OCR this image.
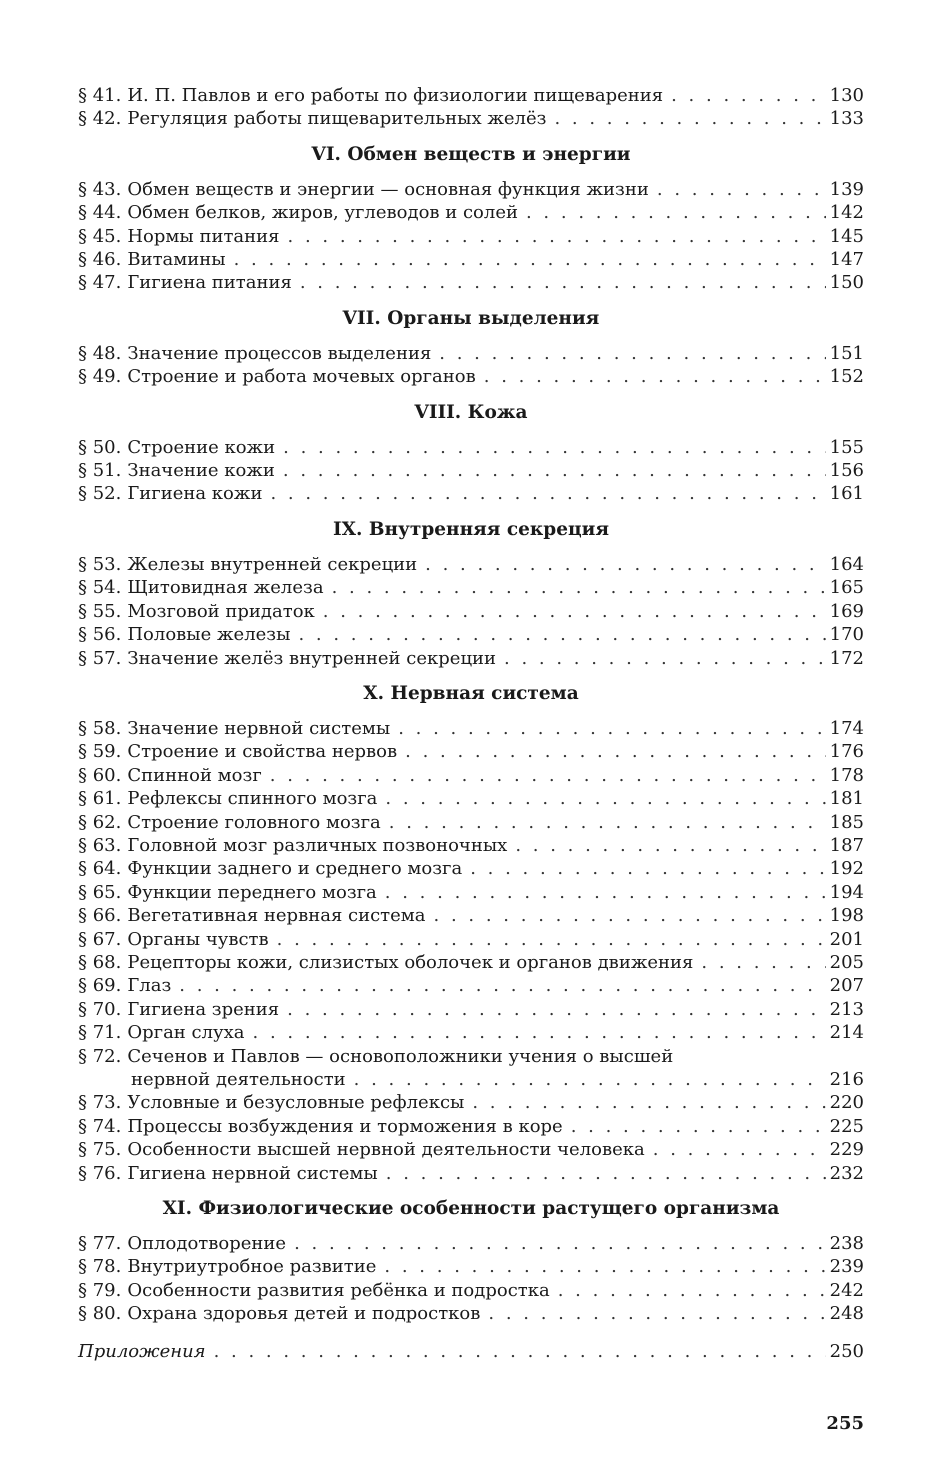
§ 41. И. П. Павлов и его работы по физиологии пищеварения . . .	130
§ 42. Регуляция работы пищеварительных желёз . . .	133
VI. Обмен веществ и энергии
§ 43. Обмен веществ и энергии — основная функция жизни . . .	139
§ 44. Обмен белков, жиров, углеводов и солей . . .	142
§ 45. Нормы питания . . .	145
§ 46. Витамины . . .	147
§ 47. Гигиена питания . . .	150
VII. Органы выделения
§ 48. Значение процессов выделения . . .	151
§ 49. Строение и работа мочевых органов . . .	152
VIII. Кожа
§ 50. Строение кожи . . .	155
§ 51. Значение кожи . . .	156
§ 52. Гигиена кожи . . .	161
IX. Внутренняя секреция
§ 53. Железы внутренней секреции . . .	164
§ 54. Щитовидная железа . . .	165
§ 55. Мозговой придаток . . .	169
§ 56. Половые железы . . .	170
§ 57. Значение желёз внутренней секреции . . .	172
X. Нервная система
§ 58. Значение нервной системы . . .	174
§ 59. Строение и свойства нервов . . .	176
§ 60. Спинной мозг . . .	178
§ 61. Рефлексы спинного мозга . . .	181
§ 62. Строение головного мозга . . .	185
§ 63. Головной мозг различных позвоночных . . .	187
§ 64. Функции заднего и среднего мозга . . .	192
§ 65. Функции переднего мозга . . .	194
§ 66. Вегетативная нервная система . . .	198
§ 67. Органы чувств . . .	201
§ 68. Рецепторы кожи, слизистых оболочек и органов движения . . .	205
§ 69. Глаз . . .	207
§ 70. Гигиена зрения . . .	213
§ 71. Орган слуха . . .	214
§ 72. Сеченов и Павлов — основоположники учения о высшей
нервной деятельности . . .	216
§ 73. Условные и безусловные рефлексы . . .	220
§ 74. Процессы возбуждения и торможения в коре . . .	225
§ 75. Особенности высшей нервной деятельности человека . . .	229
§ 76. Гигиена нервной системы . . .	232
XI. Физиологические особенности растущего организма
§ 77. Оплодотворение . . .	238
§ 78. Внутриутробное развитие . . .	239
§ 79. Особенности развития ребёнка и подростка . . .	242
§ 80. Охрана здоровья детей и подростков . . .	248
Приложения . . .	250
255
